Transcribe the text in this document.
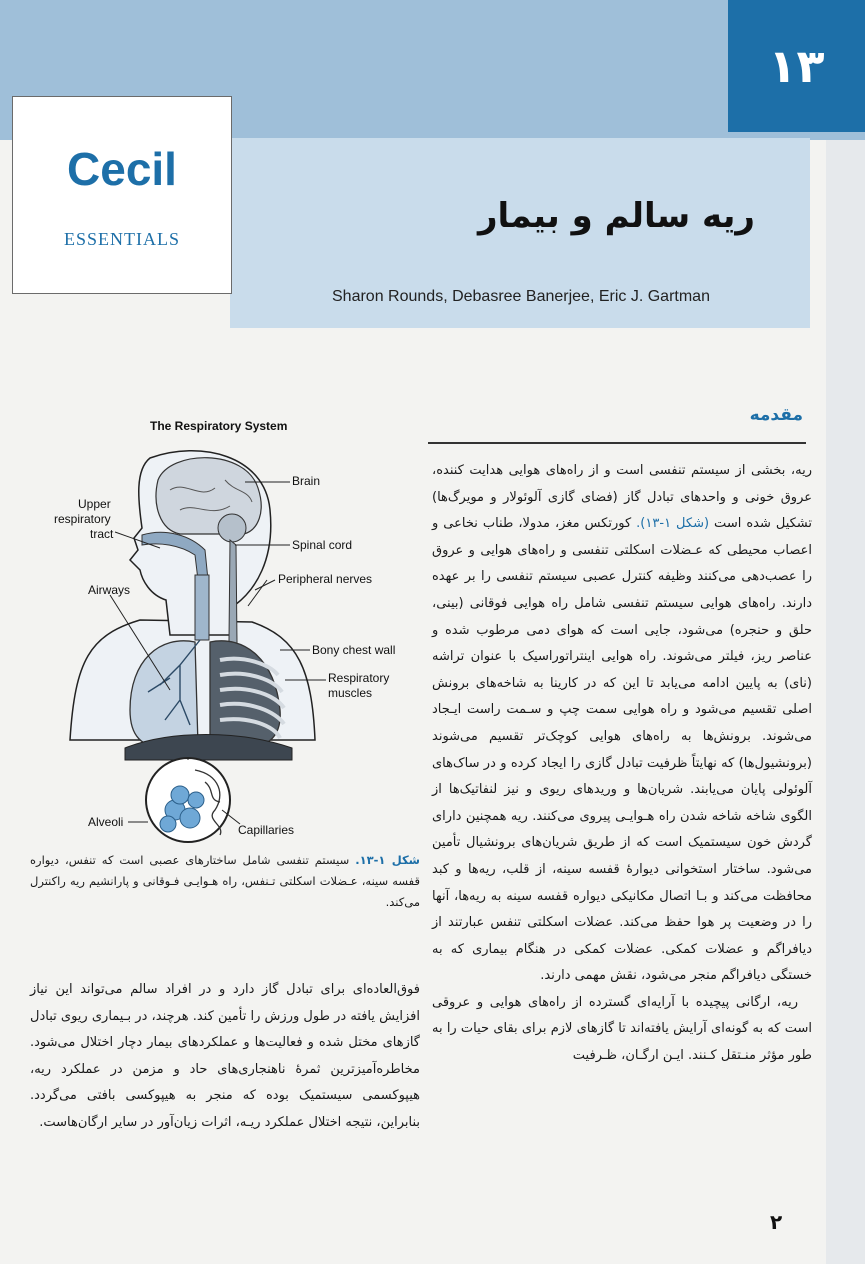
۱۳
Cecil
ESSENTIALS
ریه سالم و بیمار
Sharon Rounds, Debasree Banerjee, Eric J. Gartman
مقدمه

ریه، بخشی از سیستم تنفسی است و از راه‌های هوایی هدایت کننده، عروق خونی و واحدهای تبادل گاز (فضای گازی آلوئولار و مویرگ‌ها) تشکیل شده است (شکل ۱-۱۳). کورتکس مغز، مدولا، طناب نخاعی و اعصاب محیطی که عـضلات اسکلتی تنفسی و راه‌های هوایی و عروق را عصب‌دهی می‌کنند وظیفه کنترل عصبی سیستم تنفسی را بر عهده دارند. راه‌های هوایی سیستم تنفسی شامل راه هوایی فوقانی (بینی، حلق و حنجره) می‌شود، جایی است که هوای دمی مرطوب شده و عناصر ریز، فیلتر می‌شوند. راه هوایی اینتراتوراسیک با عنوان تراشه (نای) به پایین ادامه می‌یابد تا این که در کارینا به شاخه‌های برونش اصلی تقسیم می‌شود و راه هوایی سمت چپ و سـمت راست ایـجاد می‌شوند. برونش‌ها به راه‌های هوایی کوچک‌تر تقسیم می‌شوند (برونشیول‌ها) که نهایتاً ظرفیت تبادل گازی را ایجاد کرده و در ساک‌های آلوئولی پایان می‌یابند. شریان‌ها و وریدهای ریوی و نیز لنفاتیک‌ها از الگوی شاخه شاخه شدن راه هـوایـی پیروی می‌کنند. ریه همچنین دارای گردش خون سیستمیک است که از طریق شریان‌های برونشیال تأمین می‌شود. ساختار استخوانی دیوارهٔ قفسه سینه، از قلب، ریه‌ها و کبد محافظت می‌کند و بـا اتصال مکانیکی دیواره قفسه سینه به ریه‌ها، آنها را در وضعیت پر هوا حفظ می‌کند. عضلات اسکلتی تنفس عبارتند از دیافراگم و عضلات کمکی. عضلات کمکی در هنگام بیماری که به خستگی دیافراگم منجر می‌شود، نقش مهمی دارند.

ریه، ارگانی پیچیده با آرایه‌ای گسترده از راه‌های هوایی و عروقی است که به گونه‌ای آرایش یافته‌اند تا گازهای لازم برای بقای حیات را به طور مؤثر منـتقل کـنند. ایـن ارگـان، ظـرفیت

The Respiratory System
Brain
Upper
respiratory
tract
Spinal cord
Peripheral nerves
Airways
Bony chest wall
Respiratory
muscles
Alveoli
Capillaries
شکل ۱-۱۳. سیستم تنفسی شامل ساختارهای عصبی است که تنفس، دیواره قفسه سینه، عـضلات اسکلتی تـنفس، راه هـوایـی فـوقانی و پارانشیم ریه راکنترل می‌کند.

فوق‌العاده‌ای برای تبادل گاز دارد و در افراد سالم می‌تواند این نیاز افزایش یافته در طول ورزش را تأمین کند. هرچند، در بـیماری ریوی تبادل گازهای مختل شده و فعالیت‌ها و عملکردهای بیمار دچار اختلال می‌شود. مخاطره‌آمیزترین ثمرهٔ ناهنجاری‌های حاد و مزمن در عملکرد ریه، هیپوکسمی سیستمیک بوده که منجر به هیپوکسی بافتی می‌گردد. بنابراین، نتیجه اختلال عملکرد ریـه، اثرات زیان‌آور در سایر ارگان‌هاست.

۲
